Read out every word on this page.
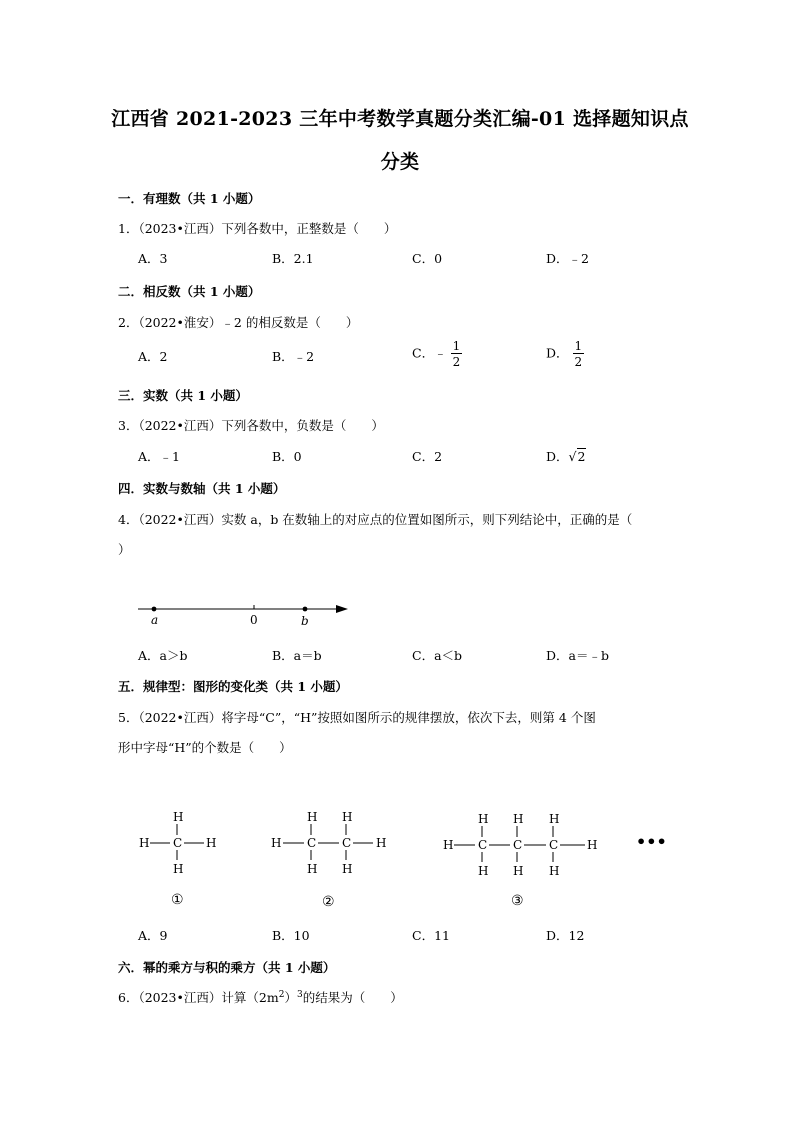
江西省 2021-2023 三年中考数学真题分类汇编-01 选择题知识点
分类
一．有理数（共 1 小题）
1．（2023•江西）下列各数中，正整数是（　　）
A．3	B．2.1	C．0	D．﹣2
二．相反数（共 1 小题）
2．（2022•淮安）﹣2 的相反数是（　　）
A．2	B．﹣2	C．﹣ $\frac{1}{2}$	D． $\frac{1}{2}$
三．实数（共 1 小题）
3．（2022•江西）下列各数中，负数是（　　）
A．﹣1	B．0	C．2	D．√2
四．实数与数轴（共 1 小题）
4．（2022•江西）实数 a，b 在数轴上的对应点的位置如图所示，则下列结论中，正确的是（
）
a	0	b
A．a＞b	B．a＝b	C．a＜b	D．a＝﹣b
五．规律型：图形的变化类（共 1 小题）
5．（2022•江西）将字母“C”，“H”按照如图所示的规律摆放，依次下去，则第 4 个图
形中字母“H”的个数是（　　）
H
H C H
H
①
H H
H C C H
H H
②
H H H
H C C C H
H H H
③
•••
A．9	B．10	C．11	D．12
六．幂的乘方与积的乘方（共 1 小题）
6．（2023•江西）计算$(2m^2)^3$的结果为（　　）
